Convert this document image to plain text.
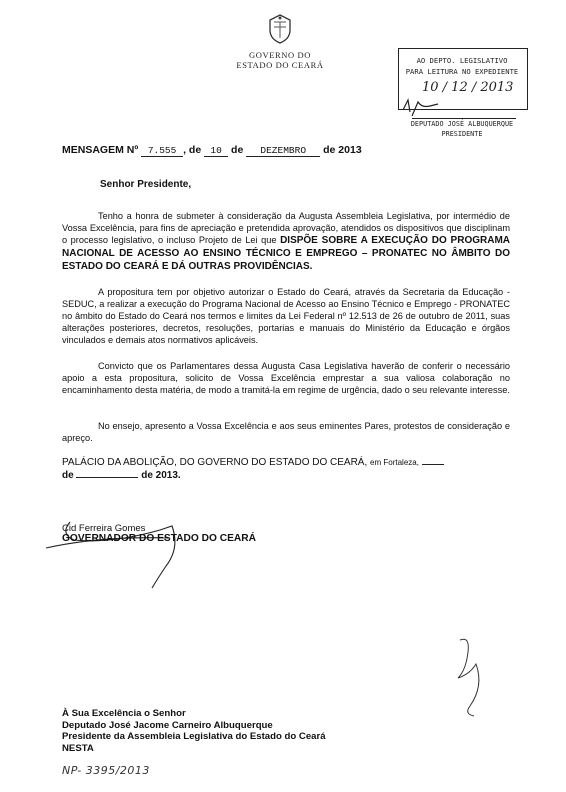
GOVERNO DO
ESTADO DO CEARÁ	AO DEPTO. LEGISLATIVO
PARA LEITURA NO EXPEDIENTE
10 / 12 / 2013
DEPUTADO JOSÉ ALBUQUERQUE
PRESIDENTE
MENSAGEM Nº 7.555 , de 10 de DEZEMBRO de 2013
Senhor Presidente,
Tenho a honra de submeter à consideração da Augusta Assembleia Legislativa, por intermédio de Vossa Excelência, para fins de apreciação e pretendida aprovação, atendidos os dispositivos que disciplinam o processo legislativo, o incluso Projeto de Lei que DISPÕE SOBRE A EXECUÇÃO DO PROGRAMA NACIONAL DE ACESSO AO ENSINO TÉCNICO E EMPREGO – PRONATEC NO ÂMBITO DO ESTADO DO CEARÁ E DÁ OUTRAS PROVIDÊNCIAS.
A propositura tem por objetivo autorizar o Estado do Ceará, através da Secretaria da Educação - SEDUC, a realizar a execução do Programa Nacional de Acesso ao Ensino Técnico e Emprego - PRONATEC no âmbito do Estado do Ceará nos termos e limites da Lei Federal nº 12.513 de 26 de outubro de 2011, suas alterações posteriores, decretos, resoluções, portarias e manuais do Ministério da Educação e órgãos vinculados e demais atos normativos aplicáveis.
Convicto que os Parlamentares dessa Augusta Casa Legislativa haverão de conferir o necessário apoio a esta propositura, solicito de Vossa Excelência emprestar a sua valiosa colaboração no encaminhamento desta matéria, de modo a tramitá-la em regime de urgência, dado o seu relevante interesse.
No ensejo, apresento a Vossa Excelência e aos seus eminentes Pares, protestos de consideração e apreço.
PALÁCIO DA ABOLIÇÃO, DO GOVERNO DO ESTADO DO CEARÁ, em Fortaleza,
de	de 2013.
Cid Ferreira Gomes
GOVERNADOR DO ESTADO DO CEARÁ
À Sua Excelência o Senhor
Deputado José Jacome Carneiro Albuquerque
Presidente da Assembleia Legislativa do Estado do Ceará
NESTA
NP- 3395/2013
